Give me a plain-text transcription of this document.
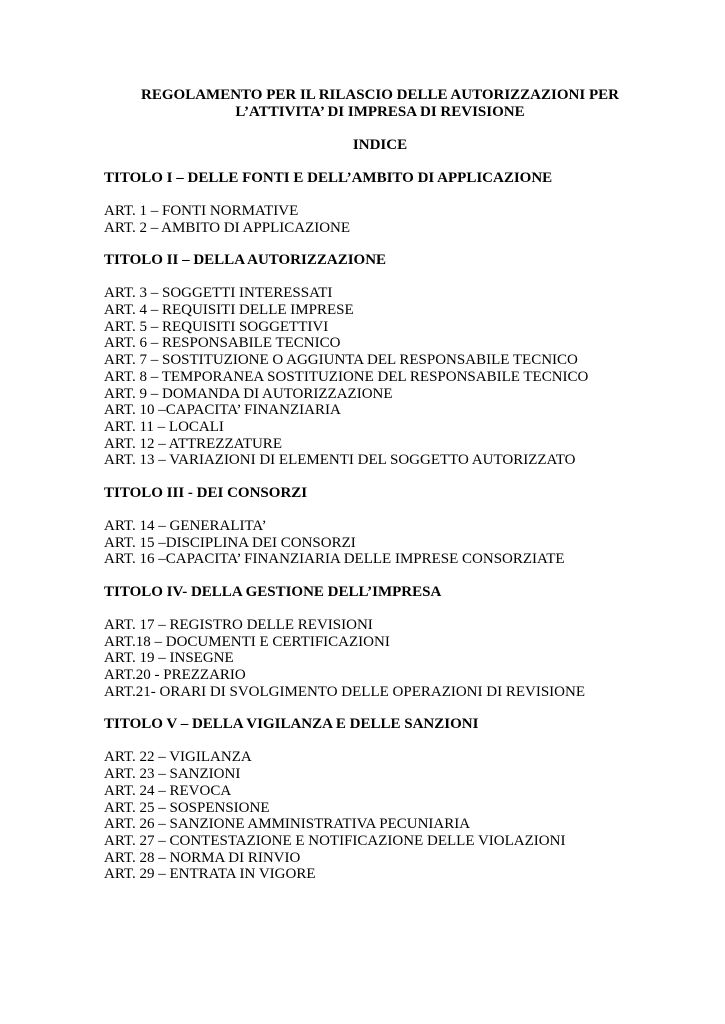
REGOLAMENTO PER IL RILASCIO DELLE AUTORIZZAZIONI PER
L’ATTIVITA’ DI IMPRESA DI REVISIONE
INDICE
TITOLO I – DELLE FONTI E DELL’AMBITO DI APPLICAZIONE
ART. 1 – FONTI NORMATIVE
ART. 2 – AMBITO DI APPLICAZIONE
TITOLO II – DELLA AUTORIZZAZIONE
ART. 3 – SOGGETTI INTERESSATI
ART. 4 – REQUISITI DELLE IMPRESE
ART. 5 – REQUISITI SOGGETTIVI
ART. 6 – RESPONSABILE TECNICO
ART. 7 – SOSTITUZIONE O AGGIUNTA DEL RESPONSABILE TECNICO
ART. 8 – TEMPORANEA SOSTITUZIONE DEL RESPONSABILE TECNICO
ART. 9 – DOMANDA DI AUTORIZZAZIONE
ART. 10 –CAPACITA’ FINANZIARIA
ART. 11 – LOCALI
ART. 12 – ATTREZZATURE
ART. 13 – VARIAZIONI DI ELEMENTI DEL SOGGETTO AUTORIZZATO
TITOLO III - DEI CONSORZI
ART. 14 – GENERALITA’
ART. 15 –DISCIPLINA DEI CONSORZI
ART. 16 –CAPACITA’ FINANZIARIA DELLE IMPRESE CONSORZIATE
TITOLO IV- DELLA GESTIONE DELL’IMPRESA
ART. 17 – REGISTRO DELLE REVISIONI
ART.18 – DOCUMENTI E CERTIFICAZIONI
ART. 19 – INSEGNE
ART.20 - PREZZARIO
ART.21- ORARI DI SVOLGIMENTO DELLE OPERAZIONI DI REVISIONE
TITOLO V – DELLA VIGILANZA E DELLE SANZIONI
ART. 22 – VIGILANZA
ART. 23 – SANZIONI
ART. 24 – REVOCA
ART. 25 – SOSPENSIONE
ART. 26 – SANZIONE AMMINISTRATIVA PECUNIARIA
ART. 27 – CONTESTAZIONE E NOTIFICAZIONE DELLE VIOLAZIONI
ART. 28 – NORMA DI RINVIO
ART. 29 – ENTRATA IN VIGORE
